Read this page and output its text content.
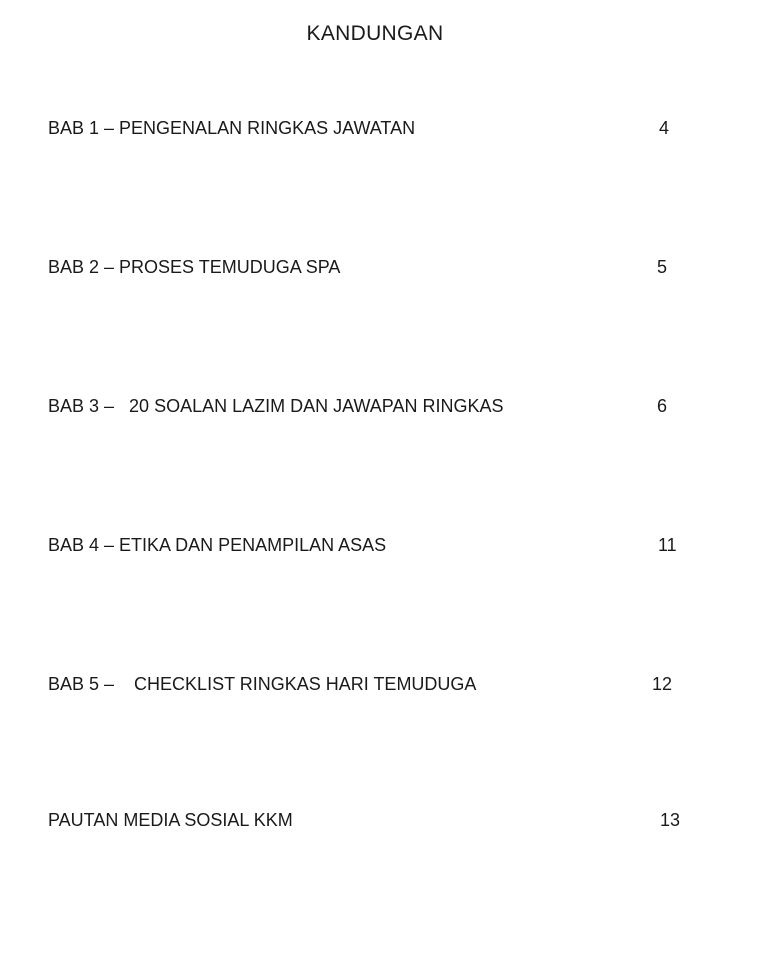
KANDUNGAN
BAB 1 – PENGENALAN RINGKAS JAWATAN	4
BAB 2 – PROSES TEMUDUGA SPA	5
BAB 3 –   20 SOALAN LAZIM DAN JAWAPAN RINGKAS	6
BAB 4 – ETIKA DAN PENAMPILAN ASAS	11
BAB 5 –    CHECKLIST RINGKAS HARI TEMUDUGA	12
PAUTAN MEDIA SOSIAL KKM	13
